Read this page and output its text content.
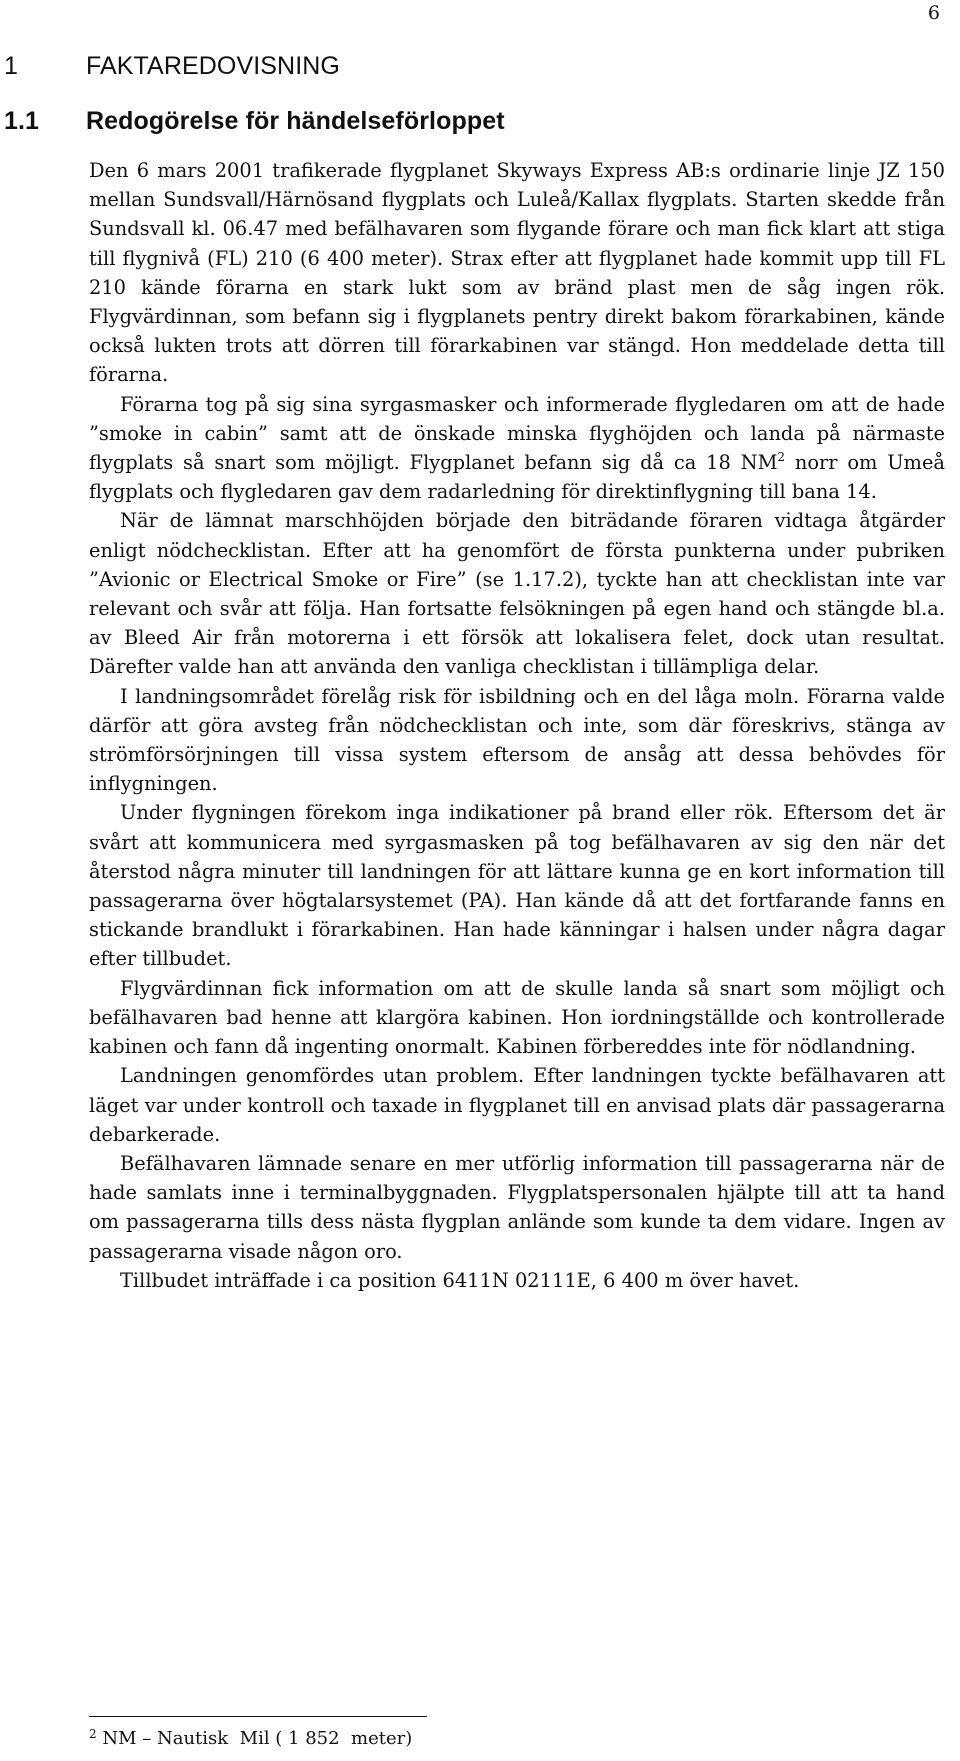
6
1	FAKTAREDOVISNING
1.1 Redogörelse för händelseförloppet

Den 6 mars 2001 trafikerade flygplanet Skyways Express AB:s ordinarie linje JZ 150 mellan Sundsvall/Härnösand flygplats och Luleå/Kallax flygplats. Starten skedde från Sundsvall kl. 06.47 med befälhavaren som flygande förare och man fick klart att stiga till flygnivå (FL) 210 (6 400 meter). Strax efter att flygplanet hade kommit upp till FL 210 kände förarna en stark lukt som av bränd plast men de såg ingen rök. Flygvärdinnan, som befann sig i flygplanets pentry direkt bakom förarkabinen, kände också lukten trots att dörren till förarkabinen var stängd. Hon meddelade detta till förarna.

Förarna tog på sig sina syrgasmasker och informerade flygledaren om att de hade ”smoke in cabin” samt att de önskade minska flyghöjden och landa på närmaste flygplats så snart som möjligt. Flygplanet befann sig då ca 18 $NM^2$ norr om Umeå flygplats och flygledaren gav dem radarledning för direktinflygning till bana 14.

När de lämnat marschhöjden började den biträdande föraren vidtaga åtgärder enligt nödchecklistan. Efter att ha genomfört de första punkterna under pubriken ”Avionic or Electrical Smoke or Fire” (se 1.17.2), tyckte han att checklistan inte var relevant och svår att följa. Han fortsatte felsökningen på egen hand och stängde bl.a. av Bleed Air från motorerna i ett försök att lokalisera felet, dock utan resultat. Därefter valde han att använda den vanliga checklistan i tillämpliga delar.

I landningsområdet förelåg risk för isbildning och en del låga moln. Förarna valde därför att göra avsteg från nödchecklistan och inte, som där föreskrivs, stänga av strömförsörjningen till vissa system eftersom de ansåg att dessa behövdes för inflygningen.

Under flygningen förekom inga indikationer på brand eller rök. Eftersom det är svårt att kommunicera med syrgasmasken på tog befälhavaren av sig den när det återstod några minuter till landningen för att lättare kunna ge en kort information till passagerarna över högtalarsystemet (PA). Han kände då att det fortfarande fanns en stickande brandlukt i förarkabinen. Han hade känningar i halsen under några dagar efter tillbudet.

Flygvärdinnan fick information om att de skulle landa så snart som möjligt och befälhavaren bad henne att klargöra kabinen. Hon iordningställde och kontrollerade kabinen och fann då ingenting onormalt. Kabinen förbereddes inte för nödlandning.

Landningen genomfördes utan problem. Efter landningen tyckte befälhavaren att läget var under kontroll och taxade in flygplanet till en anvisad plats där passagerarna debarkerade.

Befälhavaren lämnade senare en mer utförlig information till passagerarna när de hade samlats inne i terminalbyggnaden. Flygplatspersonalen hjälpte till att ta hand om passagerarna tills dess nästa flygplan anlände som kunde ta dem vidare. Ingen av passagerarna visade någon oro.

Tillbudet inträffade i ca position 6411N 02111E, 6 400 m över havet.

$^2$ NM – Nautisk  Mil ( 1 852  meter)
